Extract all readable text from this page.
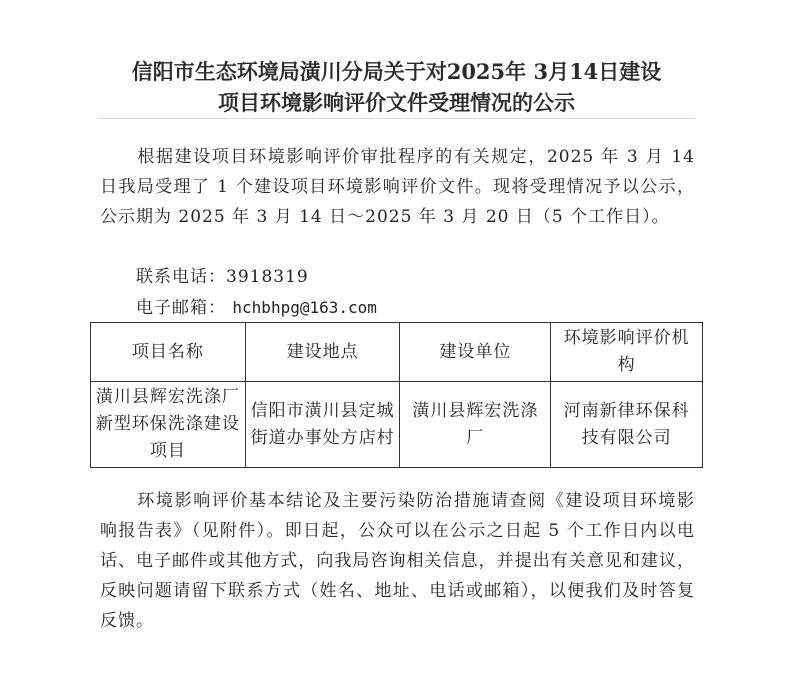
信阳市生态环境局潢川分局关于对2025年 3月14日建设
项目环境影响评价文件受理情况的公示

根据建设项目环境影响评价审批程序的有关规定，2025 年 3 月 14 日我局受理了 1 个建设项目环境影响评价文件。现将受理情况予以公示，公示期为 2025 年 3 月 14 日～2025 年 3 月 20 日（5 个工作日）。

联系电话：3918319
电子邮箱： hchbhpg@163.com
项目名称	建设地点	建设单位	环境影响评价机构
潢川县辉宏洗涤厂新型环保洗涤建设项目	信阳市潢川县定城街道办事处方店村	潢川县辉宏洗涤厂	河南新律环保科技有限公司

环境影响评价基本结论及主要污染防治措施请查阅《建设项目环境影响报告表》（见附件）。即日起，公众可以在公示之日起 5 个工作日内以电话、电子邮件或其他方式，向我局咨询相关信息，并提出有关意见和建议，反映问题请留下联系方式（姓名、地址、电话或邮箱），以便我们及时答复反馈。
